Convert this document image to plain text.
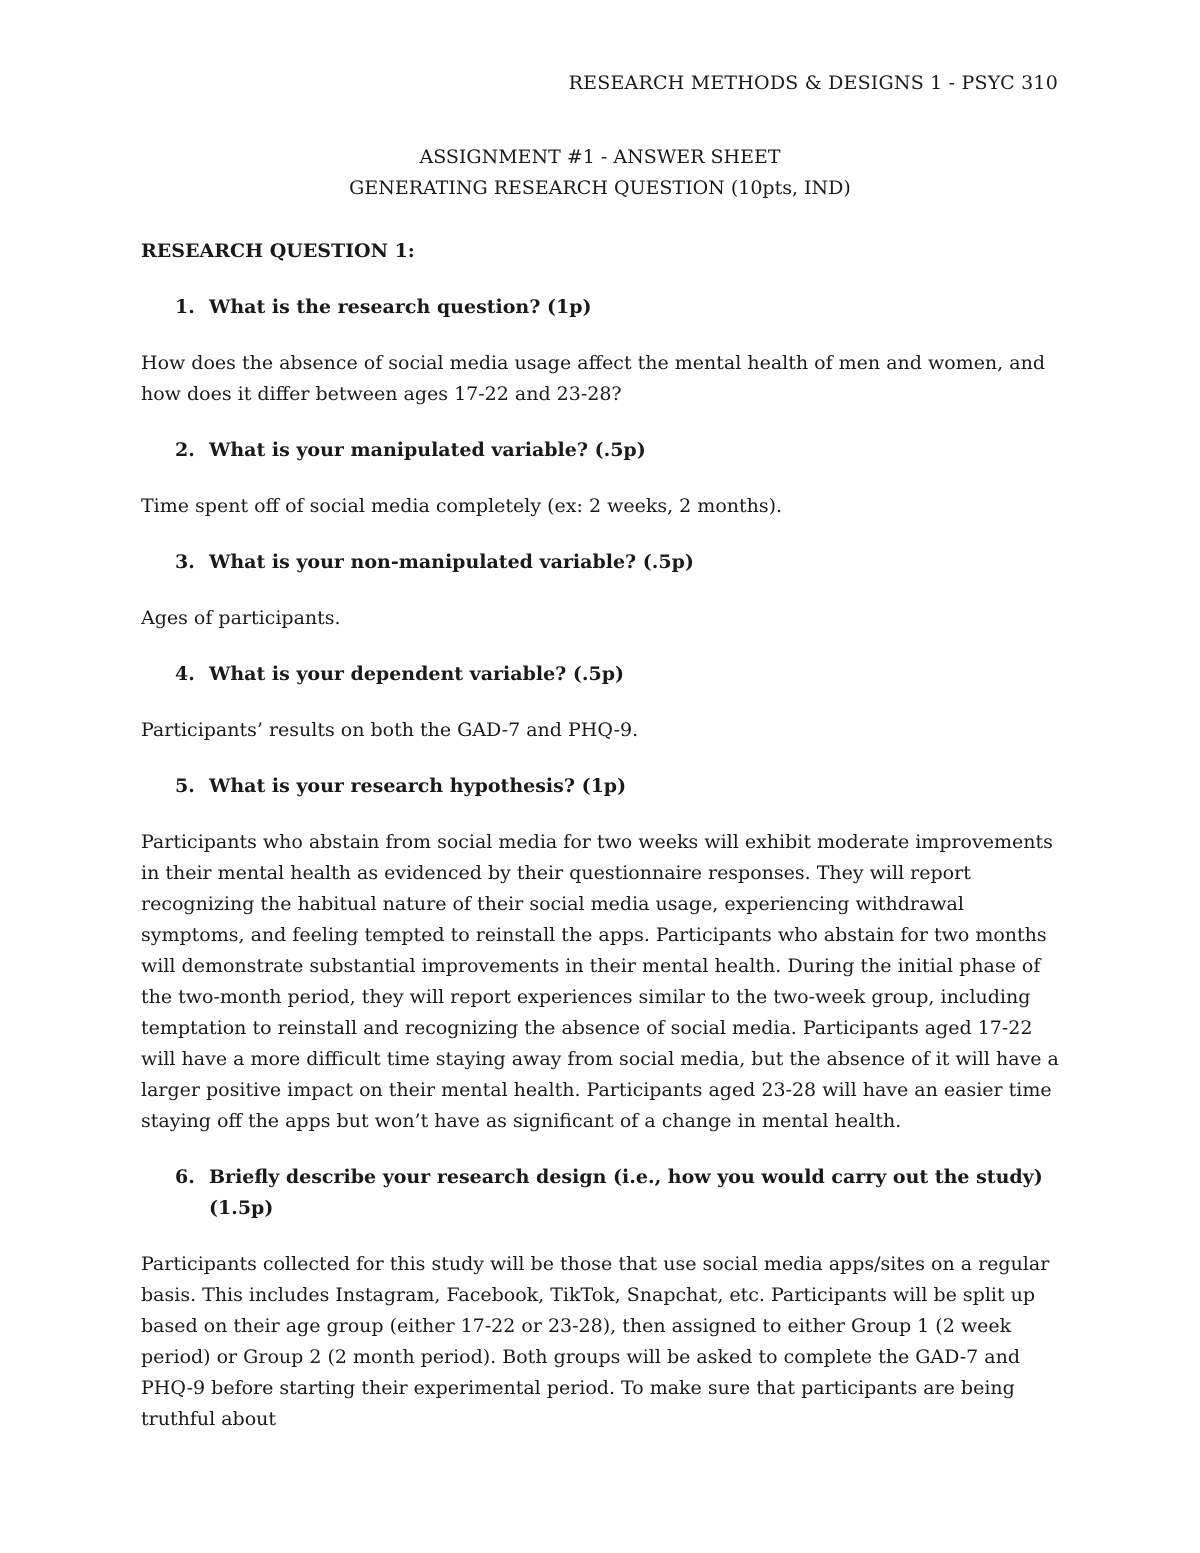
RESEARCH METHODS & DESIGNS 1 - PSYC 310
ASSIGNMENT #1 - ANSWER SHEET
GENERATING RESEARCH QUESTION (10pts, IND)
RESEARCH QUESTION 1:
1. What is the research question? (1p)
How does the absence of social media usage affect the mental health of men and women, and how does it differ between ages 17-22 and 23-28?
2. What is your manipulated variable? (.5p)
Time spent off of social media completely (ex: 2 weeks, 2 months).
3. What is your non-manipulated variable? (.5p)
Ages of participants.
4. What is your dependent variable? (.5p)
Participants’ results on both the GAD-7 and PHQ-9.
5. What is your research hypothesis? (1p)
Participants who abstain from social media for two weeks will exhibit moderate improvements in their mental health as evidenced by their questionnaire responses. They will report recognizing the habitual nature of their social media usage, experiencing withdrawal symptoms, and feeling tempted to reinstall the apps. Participants who abstain for two months will demonstrate substantial improvements in their mental health. During the initial phase of the two-month period, they will report experiences similar to the two-week group, including temptation to reinstall and recognizing the absence of social media. Participants aged 17-22 will have a more difficult time staying away from social media, but the absence of it will have a larger positive impact on their mental health. Participants aged 23-28 will have an easier time staying off the apps but won’t have as significant of a change in mental health.
6. Briefly describe your research design (i.e., how you would carry out the study) (1.5p)
Participants collected for this study will be those that use social media apps/sites on a regular basis. This includes Instagram, Facebook, TikTok, Snapchat, etc. Participants will be split up based on their age group (either 17-22 or 23-28), then assigned to either Group 1 (2 week period) or Group 2 (2 month period). Both groups will be asked to complete the GAD-7 and PHQ-9 before starting their experimental period. To make sure that participants are being truthful about
